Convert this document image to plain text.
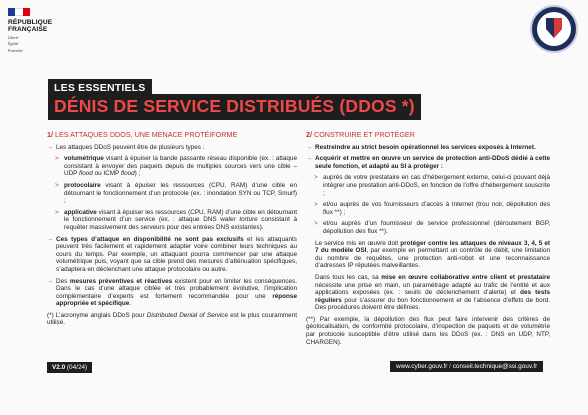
RÉPUBLIQUE
FRANÇAISE
Liberté
Égalité
Fraternité
LES ESSENTIELS
DÉNIS DE SERVICE DISTRIBUÉS (DDOS *)
1/ LES ATTAQUES DDOS, UNE MENACE PROTÉIFORME
→ Les attaques DDoS peuvent être de plusieurs types :
> volumétrique visant à épuiser la bande passante réseau disponible (ex. : attaque consistant à envoyer des paquets depuis de multiples sources vers une cible – UDP flood ou ICMP flood) ;
> protocolaire visant à épuiser les ressources (CPU, RAM) d’une cible en détournant le fonctionnement d’un protocole (ex. : inondation SYN ou TCP, Smurf) ;
> applicative visant à épuiser les ressources (CPU, RAM) d’une cible en détournant le fonctionnement d’un service (ex. : attaque DNS water torture consistant à requêter massivement des serveurs pour des entrées DNS existantes).
→ Ces types d’attaque en disponibilité ne sont pas exclusifs et les attaquants peuvent très facilement et rapidement adapter voire combiner leurs techniques au cours du temps. Par exemple, un attaquant pourra commencer par une attaque volumétrique puis, voyant que sa cible prend des mesures d’atténuation spécifiques, s’adaptera en déclenchant une attaque protocolaire ou autre.
→ Des mesures préventives et réactives existent pour en limiter les conséquences. Dans le cas d’une attaque ciblée et très probablement évolutive, l’implication complémentaire d’experts est fortement recommandée pour une réponse appropriée et spécifique.
(*) L’acronyme anglais DDoS pour Distributed Denial of Service est le plus couramment utilisé.
2/ CONSTRUIRE ET PROTÉGER
→ Restreindre au strict besoin opérationnel les services exposés à Internet.
→ Acquérir et mettre en œuvre un service de protection anti-DDoS dédié à cette seule fonction, et adapté au SI à protéger :
> auprès de votre prestataire en cas d’hébergement externe, celui-ci pouvant déjà intégrer une prestation anti-DDoS, en fonction de l’offre d’hébergement souscrite ;
> et/ou auprès de vos fournisseurs d’accès à Internet (trou noir, dépollution des flux **) ;
> et/ou auprès d’un fournisseur de service professionnel (déroutement BGP, dépollution des flux **).
Le service mis en œuvre doit protéger contre les attaques de niveaux 3, 4, 5 et 7 du modèle OSI, par exemple en permettant un contrôle de débit, une limitation du nombre de requêtes, une protection anti-robot et une reconnaissance d’adresses IP réputées malveillantes.
Dans tous les cas, sa mise en œuvre collaborative entre client et prestataire nécessite une prise en main, un paramétrage adapté au trafic de l’entité et aux applications exposées (ex. : seuils de déclenchement d’alerte) et des tests réguliers pour s’assurer du bon fonctionnement et de l’absence d’effets de bord. Des procédures doivent être définies.
(**) Par exemple, la dépollution des flux peut faire intervenir des critères de géolocalisation, de conformité protocolaire, d’inspection de paquets et de volumétrie par protocole susceptible d’être utilisé dans les DDoS (ex. : DNS en UDP, NTP, CHARGEN).
V2.0 (04/24)	www.cyber.gouv.fr / conseil.technique@ssi.gouv.fr
